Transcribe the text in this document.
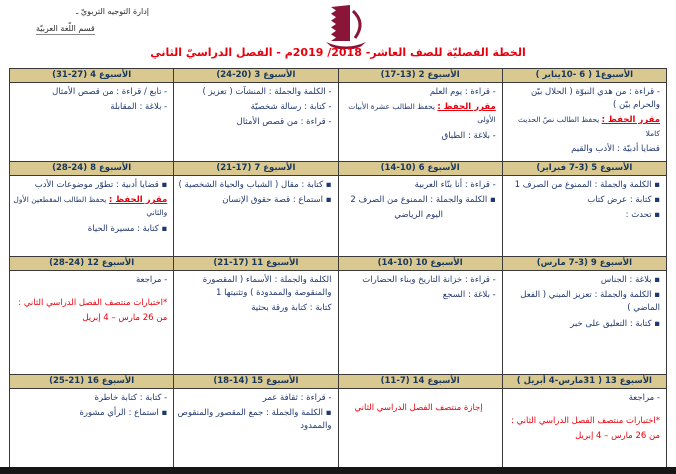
إدارة التوجيه التربويّ ـ
قسم اللّغة العربيّة
الخطة الفصليّة للصف العاشر- 2018/ 2019م - الفصل الدراسيّ الثاني
الأسبوع1 ( 6 -10يناير )	الأسبوع 2 (13-17)	الأسبوع 3 (20-24)	الأسبوع 4 (27-31)

- قراءة : من هدي النبوّة ( الحلال بيّن والحرام بيّن )
مقرر الحفظ : يحفظ الطالب نصّ الحديث كاملا
قضايا أدبيّة : الأدب والقيم

- قراءة : يوم العلم
مقرر الحفظ : يحفظ الطالب عشرة الأبيات الأولى
- بلاغة : الطباق

- الكلمة والجملة : المنشآت ( تعزيز )
- كتابة : رسالة شخصيّة
- قراءة : من قصص الأمثال

- تابع / قراءة : من قصص الأمثال
- بلاغة : المقابلة

الأسبوع 5 (3-7 فبراير)	الأسبوع 6 (10-14)	الأسبوع 7 (17-21)	الأسبوع 8 (24-28)

▪ الكلمة والجملة : الممنوع من الصرف 1
▪ كتابة : عرض كتاب
▪ تحدث :

- قراءة : أنا بنّاء العربية
▪ الكلمة والجملة : الممنوع من الصرف 2
اليوم الرياضي

▪ كتابة : مقال ( الشباب والحياة الشخصية )
▪ استماع : قصة حقوق الإنسان

▪ قضايا أدبية : تطوّر موضوعات الأدب
مقرر الحفظ : يحفظ الطالب المقطعين الأول والثاني
▪ كتابة : مسيرة الحياة

الأسبوع 9 (3-7 مارس)	الأسبوع 10 (10-14)	الأسبوع 11 (17-21)	الأسبوع 12 (24-28)

▪ بلاغة : الجناس
▪ الكلمة والجملة : تعزيز المبني ( الفعل الماضي )
▪ كتابة : التعليق على خبر

- قراءة : خزانة التاريخ وبناء الحضارات
- بلاغة : السجع

الكلمة والجملة : الأسماء ( المقصورة والمنقوصة والممدودة ) وتثنيتها 1
كتابة : كتابة ورقة بحثية

- مراجعة
*اختبارات منتصف الفصل الدراسي الثاني :
من 26 مارس – 4 إبريل

الأسبوع 13 ( 31مارس-4 أبريل )	الأسبوع 14 (7-11)	الأسبوع 15 (14-18)	الأسبوع 16 (21-25)

- مراجعة
*اختبارات منتصف الفصل الدراسي الثاني :
من 26 مارس – 4 إبريل

إجازة منتصف الفصل الدراسي الثاني

- قراءة : ثقافة عمر
▪ الكلمة والجملة : جمع المقصور والمنقوص والممدود

- كتابة : كتابة خاطرة
▪ استماع : الرأي مشورة
